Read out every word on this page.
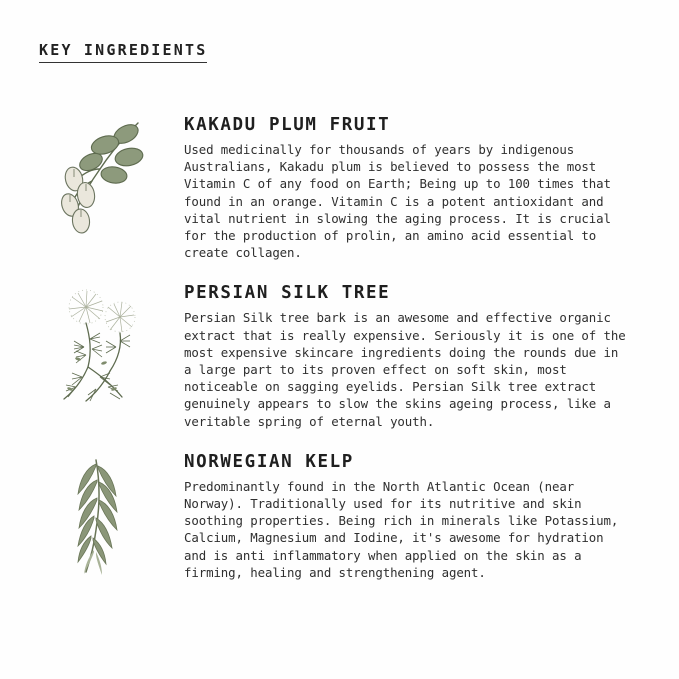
KEY INGREDIENTS
KAKADU PLUM FRUIT

Used medicinally for thousands of years by indigenous Australians, Kakadu plum is believed to possess the most Vitamin C of any food on Earth; Being up to 100 times that found in an orange. Vitamin C is a potent antioxidant and vital nutrient in slowing the aging process. It is crucial for the production of prolin, an amino acid essential to create collagen.

PERSIAN SILK TREE

Persian Silk tree bark is an awesome and effective organic extract that is really expensive. Seriously it is one of the most expensive skincare ingredients doing the rounds due in a large part to its proven effect on soft skin, most noticeable on sagging eyelids. Persian Silk tree extract genuinely appears to slow the skins ageing process, like a veritable spring of eternal youth.

NORWEGIAN KELP

Predominantly found in the North Atlantic Ocean (near Norway). Traditionally used for its nutritive and skin soothing properties. Being rich in minerals like Potassium, Calcium, Magnesium and Iodine, it's awesome for hydration and is anti inflammatory when applied on the skin as a firming, healing and strengthening agent.
